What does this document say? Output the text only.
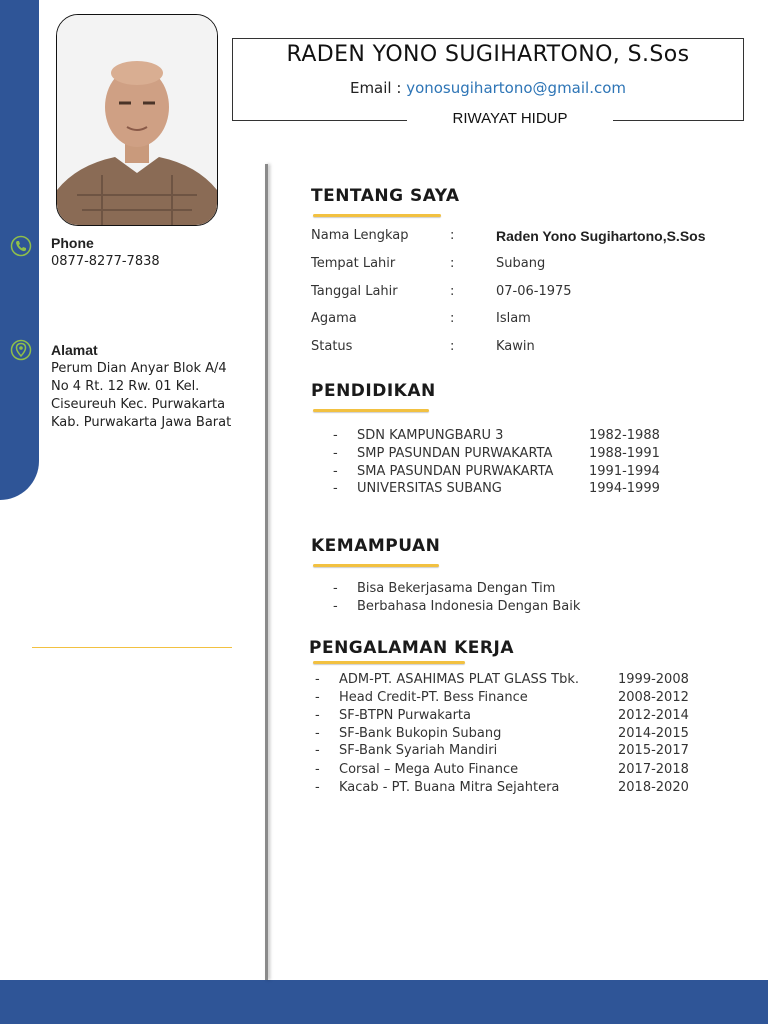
Phone
0877-8277-7838
Alamat
Perum Dian Anyar Blok A/4
No 4 Rt. 12 Rw. 01 Kel.
Ciseureuh Kec. Purwakarta
Kab. Purwakarta Jawa Barat
RADEN YONO SUGIHARTONO, S.Sos
Email : yonosugihartono@gmail.com
RIWAYAT HIDUP
TENTANG SAYA
Nama Lengkap	:	Raden Yono Sugihartono,S.Sos
Tempat Lahir	:	Subang
Tanggal Lahir	:	07-06-1975
Agama	:	Islam
Status	:	Kawin
PENDIDIKAN
- SDN KAMPUNGBARU 3	1982-1988
- SMP PASUNDAN PURWAKARTA	1988-1991
- SMA PASUNDAN PURWAKARTA	1991-1994
- UNIVERSITAS SUBANG	1994-1999
KEMAMPUAN
- Bisa Bekerjasama Dengan Tim
- Berbahasa Indonesia Dengan Baik
PENGALAMAN KERJA
- ADM-PT. ASAHIMAS PLAT GLASS Tbk.	1999-2008
- Head Credit-PT. Bess Finance	2008-2012
- SF-BTPN Purwakarta	2012-2014
- SF-Bank Bukopin Subang	2014-2015
- SF-Bank Syariah Mandiri	2015-2017
- Corsal – Mega Auto Finance	2017-2018
- Kacab - PT. Buana Mitra Sejahtera	2018-2020
